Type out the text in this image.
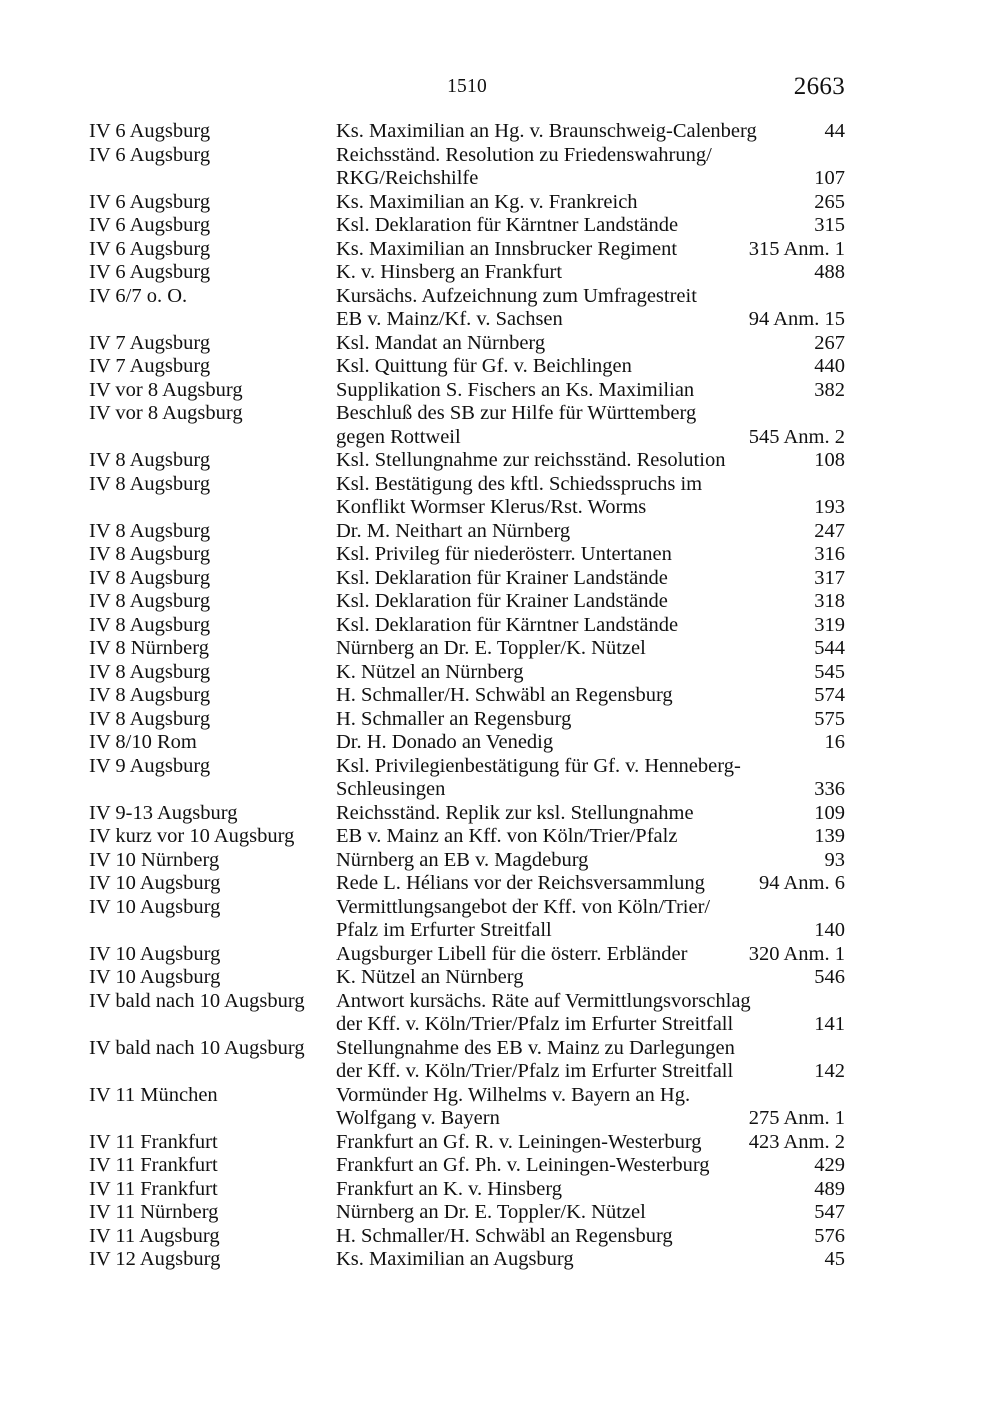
1510	2663
IV 6 Augsburg	Ks. Maximilian an Hg. v. Braunschweig-Calenberg	44
IV 6 Augsburg	Reichsständ. Resolution zu Friedenswahrung/	
	RKG/Reichshilfe	107
IV 6 Augsburg	Ks. Maximilian an Kg. v. Frankreich	265
IV 6 Augsburg	Ksl. Deklaration für Kärntner Landstände	315
IV 6 Augsburg	Ks. Maximilian an Innsbrucker Regiment	315 Anm. 1
IV 6 Augsburg	K. v. Hinsberg an Frankfurt	488
IV 6/7 o. O.	Kursächs. Aufzeichnung zum Umfragestreit	
	EB v. Mainz/Kf. v. Sachsen	94 Anm. 15
IV 7 Augsburg	Ksl. Mandat an Nürnberg	267
IV 7 Augsburg	Ksl. Quittung für Gf. v. Beichlingen	440
IV vor 8 Augsburg	Supplikation S. Fischers an Ks. Maximilian	382
IV vor 8 Augsburg	Beschluß des SB zur Hilfe für Württemberg	
	gegen Rottweil	545 Anm. 2
IV 8 Augsburg	Ksl. Stellungnahme zur reichsständ. Resolution	108
IV 8 Augsburg	Ksl. Bestätigung des kftl. Schiedsspruchs im	
	Konflikt Wormser Klerus/Rst. Worms	193
IV 8 Augsburg	Dr. M. Neithart an Nürnberg	247
IV 8 Augsburg	Ksl. Privileg für niederösterr. Untertanen	316
IV 8 Augsburg	Ksl. Deklaration für Krainer Landstände	317
IV 8 Augsburg	Ksl. Deklaration für Krainer Landstände	318
IV 8 Augsburg	Ksl. Deklaration für Kärntner Landstände	319
IV 8 Nürnberg	Nürnberg an Dr. E. Toppler/K. Nützel	544
IV 8 Augsburg	K. Nützel an Nürnberg	545
IV 8 Augsburg	H. Schmaller/H. Schwäbl an Regensburg	574
IV 8 Augsburg	H. Schmaller an Regensburg	575
IV 8/10 Rom	Dr. H. Donado an Venedig	16
IV 9 Augsburg	Ksl. Privilegienbestätigung für Gf. v. Henneberg-	
	Schleusingen	336
IV 9-13 Augsburg	Reichsständ. Replik zur ksl. Stellungnahme	109
IV kurz vor 10 Augsburg	EB v. Mainz an Kff. von Köln/Trier/Pfalz	139
IV 10 Nürnberg	Nürnberg an EB v. Magdeburg	93
IV 10 Augsburg	Rede L. Hélians vor der Reichsversammlung	94 Anm. 6
IV 10 Augsburg	Vermittlungsangebot der Kff. von Köln/Trier/	
	Pfalz im Erfurter Streitfall	140
IV 10 Augsburg	Augsburger Libell für die österr. Erbländer	320 Anm. 1
IV 10 Augsburg	K. Nützel an Nürnberg	546
IV bald nach 10 Augsburg	Antwort kursächs. Räte auf Vermittlungsvorschlag	
	der Kff. v. Köln/Trier/Pfalz im Erfurter Streitfall	141
IV bald nach 10 Augsburg	Stellungnahme des EB v. Mainz zu Darlegungen	
	der Kff. v. Köln/Trier/Pfalz im Erfurter Streitfall	142
IV 11 München	Vormünder Hg. Wilhelms v. Bayern an Hg.	
	Wolfgang v. Bayern	275 Anm. 1
IV 11 Frankfurt	Frankfurt an Gf. R. v. Leiningen-Westerburg	423 Anm. 2
IV 11 Frankfurt	Frankfurt an Gf. Ph. v. Leiningen-Westerburg	429
IV 11 Frankfurt	Frankfurt an K. v. Hinsberg	489
IV 11 Nürnberg	Nürnberg an Dr. E. Toppler/K. Nützel	547
IV 11 Augsburg	H. Schmaller/H. Schwäbl an Regensburg	576
IV 12 Augsburg	Ks. Maximilian an Augsburg	45
